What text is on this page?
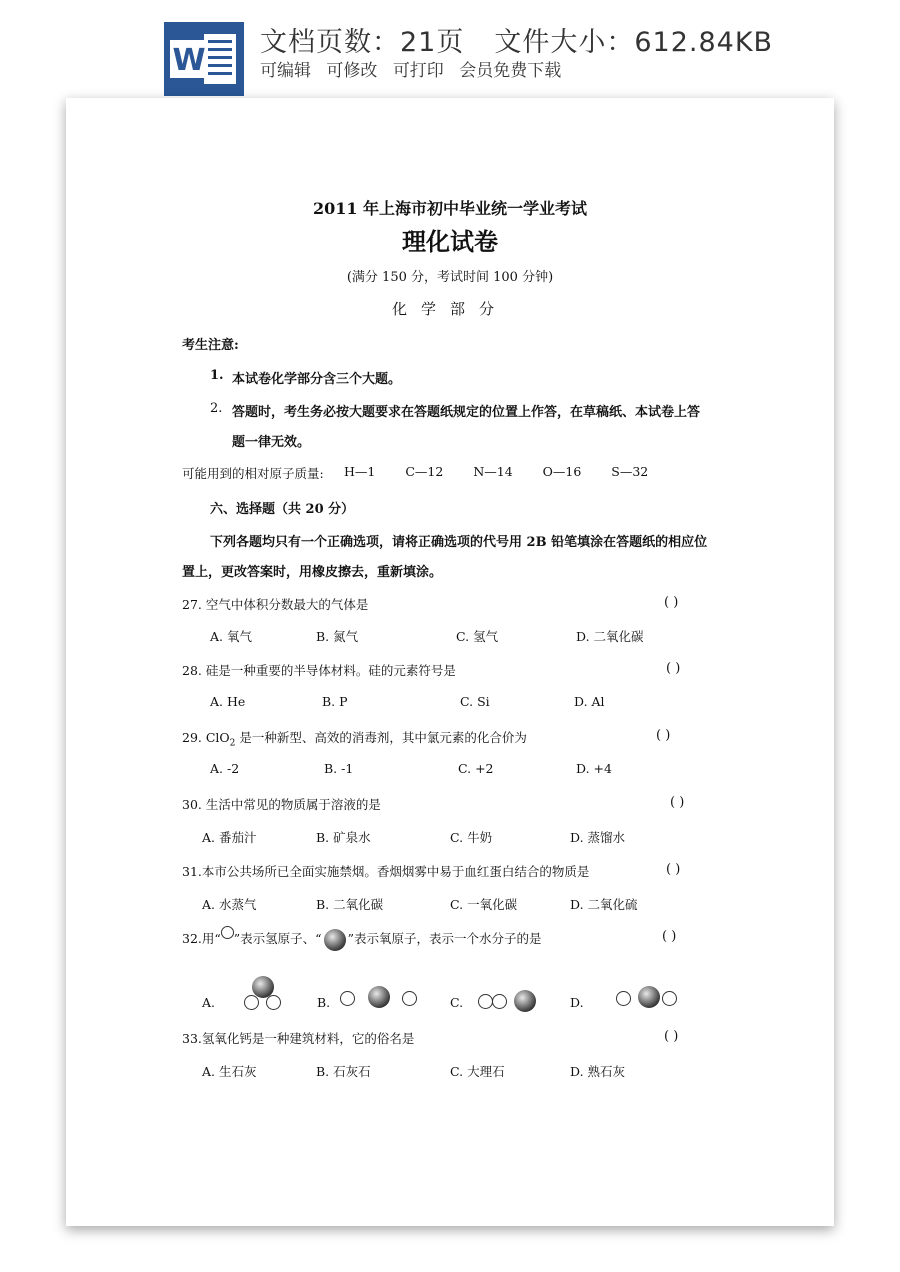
W
文档页数：21页 文件大小：612.84KB
可编辑 可修改 可打印 会员免费下载
2011 年上海市初中毕业统一学业考试
理化试卷
(满分 150 分，考试时间 100 分钟)
化学部分
考生注意:
1. 本试卷化学部分含三个大题。
2. 答题时，考生务必按大题要求在答题纸规定的位置上作答，在草稿纸、本试卷上答
题一律无效。
可能用到的相对原子质量: H—1 C—12 N—14 O—16 S—32
六、选择题（共 20 分）
下列各题均只有一个正确选项，请将正确选项的代号用 2B 铅笔填涂在答题纸的相应位
置上，更改答案时，用橡皮擦去，重新填涂。
27. 空气中体积分数最大的气体是	( )
A. 氧气	B. 氮气	C. 氢气	D. 二氧化碳
28. 硅是一种重要的半导体材料。硅的元素符号是	( )
A. He	B. P	C. Si	D. Al
29. ClO$_2$ 是一种新型、高效的消毒剂，其中氯元素的化合价为	( )
A. -2	B. -1	C. +2	D. +4
30. 生活中常见的物质属于溶液的是	( )
A. 番茄汁	B. 矿泉水	C. 牛奶	D. 蒸馏水
31.本市公共场所已全面实施禁烟。香烟烟雾中易于血红蛋白结合的物质是	( )
A. 水蒸气	B. 二氧化碳	C. 一氧化碳	D. 二氧化硫
32.用“ ”表示氢原子、“ ”表示氧原子，表示一个水分子的是	( )
A.	B.	C.	D.
33.氢氧化钙是一种建筑材料，它的俗名是	( )
A. 生石灰	B. 石灰石	C. 大理石	D. 熟石灰
